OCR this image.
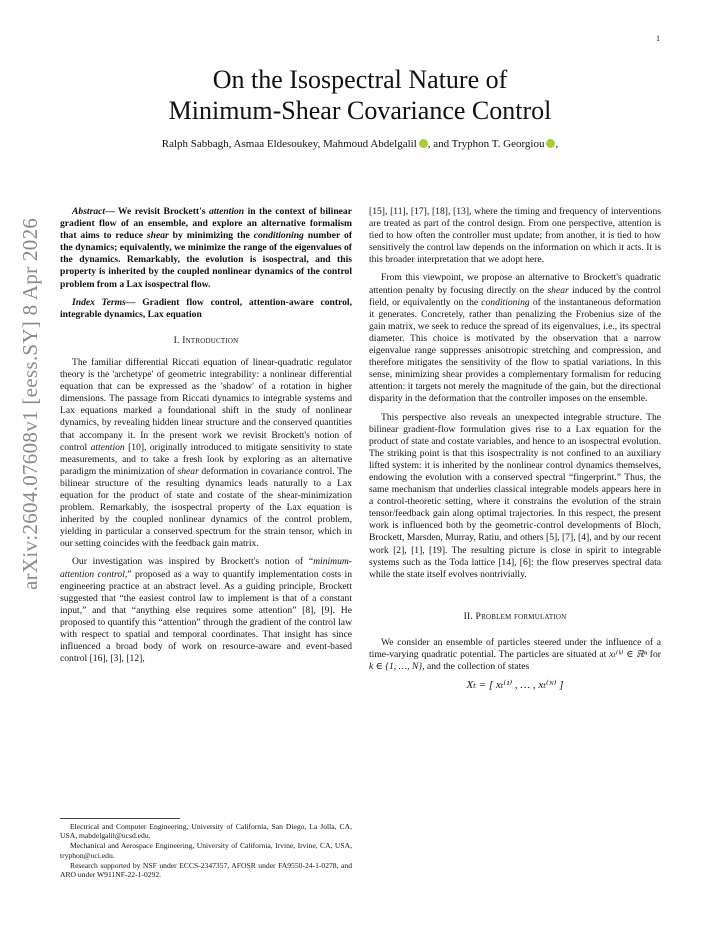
1
arXiv:2604.07608v1 [eess.SY] 8 Apr 2026
On the Isospectral Nature of
Minimum-Shear Covariance Control
Ralph Sabbagh, Asmaa Eldesoukey, Mahmoud Abdelgalil , and Tryphon T. Georgiou ,

Abstract— We revisit Brockett's attention in the context of bilinear gradient flow of an ensemble, and explore an alternative formalism that aims to reduce shear by minimizing the conditioning number of the dynamics; equivalently, we minimize the range of the eigenvalues of the dynamics. Remarkably, the evolution is isospectral, and this property is inherited by the coupled nonlinear dynamics of the control problem from a Lax isospectral flow.

Index Terms— Gradient flow control, attention-aware control, integrable dynamics, Lax equation

I. Introduction

The familiar differential Riccati equation of linear-quadratic regulator theory is the 'archetype' of geometric integrability: a nonlinear differential equation that can be expressed as the 'shadow' of a rotation in higher dimensions. The passage from Riccati dynamics to integrable systems and Lax equations marked a foundational shift in the study of nonlinear dynamics, by revealing hidden linear structure and the conserved quantities that accompany it. In the present work we revisit Brockett's notion of control attention [10], originally introduced to mitigate sensitivity to state measurements, and to take a fresh look by exploring as an alternative paradigm the minimization of shear deformation in covariance control. The bilinear structure of the resulting dynamics leads naturally to a Lax equation for the product of state and costate of the shear-minimization problem. Remarkably, the isospectral property of the Lax equation is inherited by the coupled nonlinear dynamics of the control problem, yielding in particular a conserved spectrum for the strain tensor, which in our setting coincides with the feedback gain matrix.

Our investigation was inspired by Brockett's notion of “minimum-attention control,” proposed as a way to quantify implementation costs in engineering practice at an abstract level. As a guiding principle, Brockett suggested that “the easiest control law to implement is that of a constant input,” and that “anything else requires some attention” [8], [9]. He proposed to quantify this “attention” through the gradient of the control law with respect to spatial and temporal coordinates. That insight has since influenced a broad body of work on resource-aware and event-based control [16], [3], [12],

Electrical and Computer Engineering, University of California, San Diego, La Jolla, CA, USA, mabdelgalil@ucsd.edu.

Mechanical and Aerospace Engineering, University of California, Irvine, Irvine, CA, USA, tryphon@uci.edu.

Research supported by NSF under ECCS-2347357, AFOSR under FA9550-24-1-0278, and ARO under W911NF-22-1-0292.

[15], [11], [17], [18], [13], where the timing and frequency of interventions are treated as part of the control design. From one perspective, attention is tied to how often the controller must update; from another, it is tied to how sensitively the control law depends on the information on which it acts. It is this broader interpretation that we adopt here.

From this viewpoint, we propose an alternative to Brockett's quadratic attention penalty by focusing directly on the shear induced by the control field, or equivalently on the conditioning of the instantaneous deformation it generates. Concretely, rather than penalizing the Frobenius size of the gain matrix, we seek to reduce the spread of its eigenvalues, i.e., its spectral diameter. This choice is motivated by the observation that a narrow eigenvalue range suppresses anisotropic stretching and compression, and therefore mitigates the sensitivity of the flow to spatial variations. In this sense, minimizing shear provides a complementary formalism for reducing attention: it targets not merely the magnitude of the gain, but the directional disparity in the deformation that the controller imposes on the ensemble.

This perspective also reveals an unexpected integrable structure. The bilinear gradient-flow formulation gives rise to a Lax equation for the product of state and costate variables, and hence to an isospectral evolution. The striking point is that this isospectrality is not confined to an auxiliary lifted system: it is inherited by the nonlinear control dynamics themselves, endowing the evolution with a conserved spectral “fingerprint.” Thus, the same mechanism that underlies classical integrable models appears here in a control-theoretic setting, where it constrains the evolution of the strain tensor/feedback gain along optimal trajectories. In this respect, the present work is influenced both by the geometric-control developments of Bloch, Brockett, Marsden, Murray, Ratiu, and others [5], [7], [4], and by our recent work [2], [1], [19]. The resulting picture is close in spirit to integrable systems such as the Toda lattice [14], [6]: the flow preserves spectral data while the state itself evolves nontrivially.

II. Problem formulation

We consider an ensemble of particles steered under the influence of a time-varying quadratic potential. The particles are situated at xₜ⁽ᵏ⁾ ∈ ℝⁿ for k ∈ {1, …, N}, and the collection of states

Xₜ = [ xₜ⁽¹⁾ , … , xₜ⁽ᴺ⁾ ]
